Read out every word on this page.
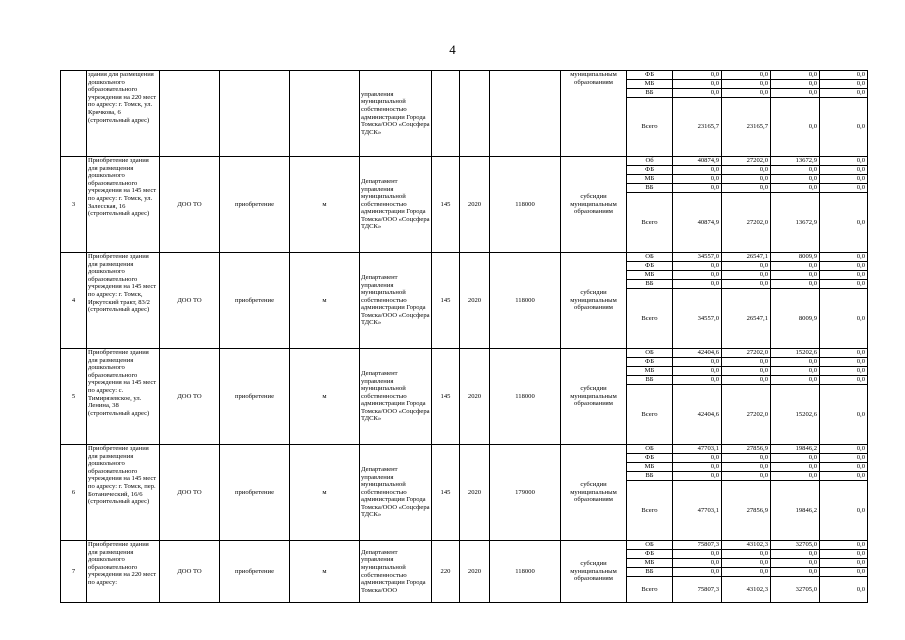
4
	здания для размещения дошкольного образовательного учреждения на 220 мест по адресу: г. Томск, ул. Крячкова, 6 (строительный адрес)				управления муниципальной собственностью администрации Города Томска/ООО «Соцсфера ТДСК»				муниципальным образованиям	ФБ	0,0	0,0	0,0	0,0
										МБ	0,0	0,0	0,0	0,0
										ВБ	0,0	0,0	0,0	0,0
										Всего	23165,7	23165,7	0,0	0,0
3	Приобретение здания для размещения дошкольного образовательного учреждения на 145 мест по адресу: г. Томск, ул. Залесская, 16 (строительный адрес)	ДОО ТО	приобретение	м	Департамент управления муниципальной собственностью администрации Города Томска/ООО «Соцсфера ТДСК»	145	2020	118000	субсидии муниципальным образованиям	Об	40874,9	27202,0	13672,9	0,0
										ФБ	0,0	0,0	0,0	0,0
										МБ	0,0	0,0	0,0	0,0
										ВБ	0,0	0,0	0,0	0,0
										Всего	40874,9	27202,0	13672,9	0,0
4	Приобретение здания для размещения дошкольного образовательного учреждения на 145 мест по адресу: г. Томск, Иркутский тракт, 83/2 (строительный адрес)	ДОО ТО	приобретение	м	Департамент управления муниципальной собственностью администрации Города Томска/ООО «Соцсфера ТДСК»	145	2020	118000	субсидии муниципальным образованиям	ОБ	34557,0	26547,1	8009,9	0,0
										ФБ	0,0	0,0	0,0	0,0
										МБ	0,0	0,0	0,0	0,0
										ВБ	0,0	0,0	0,0	0,0
										Всего	34557,0	26547,1	8009,9	0,0
5	Приобретение здания для размещения дошкольного образовательного учреждения на 145 мест по адресу: с. Тимирязевское, ул. Ленина, 38 (строительный адрес)	ДОО ТО	приобретение	м	Департамент управления муниципальной собственностью администрации Города Томска/ООО «Соцсфера ТДСК»	145	2020	118000	субсидии муниципальным образованиям	ОБ	42404,6	27202,0	15202,6	0,0
										ФБ	0,0	0,0	0,0	0,0
										МБ	0,0	0,0	0,0	0,0
										ВБ	0,0	0,0	0,0	0,0
										Всего	42404,6	27202,0	15202,6	0,0
6	Приобретение здания для размещения дошкольного образовательного учреждения на 145 мест по адресу: г. Томск, пер. Ботанический, 16/6 (строительный адрес)	ДОО ТО	приобретение	м	Департамент управления муниципальной собственностью администрации Города Томска/ООО «Соцсфера ТДСК»	145	2020	179000	субсидии муниципальным образованиям	ОБ	47703,1	27856,9	19846,2	0,0
										ФБ	0,0	0,0	0,0	0,0
										МБ	0,0	0,0	0,0	0,0
										ВБ	0,0	0,0	0,0	0,0
										Всего	47703,1	27856,9	19846,2	0,0
7	Приобретение здания для размещения дошкольного образовательного учреждения на 220 мест по адресу:	ДОО ТО	приобретение	м	Департамент управления муниципальной собственностью администрации Города Томска/ООО	220	2020	118000	субсидии муниципальным образованиям	ОБ	75807,3	43102,3	32705,0	0,0
										ФБ	0,0	0,0	0,0	0,0
										МБ	0,0	0,0	0,0	0,0
										ВБ	0,0	0,0	0,0	0,0
										Всего	75807,3	43102,3	32705,0	0,0
